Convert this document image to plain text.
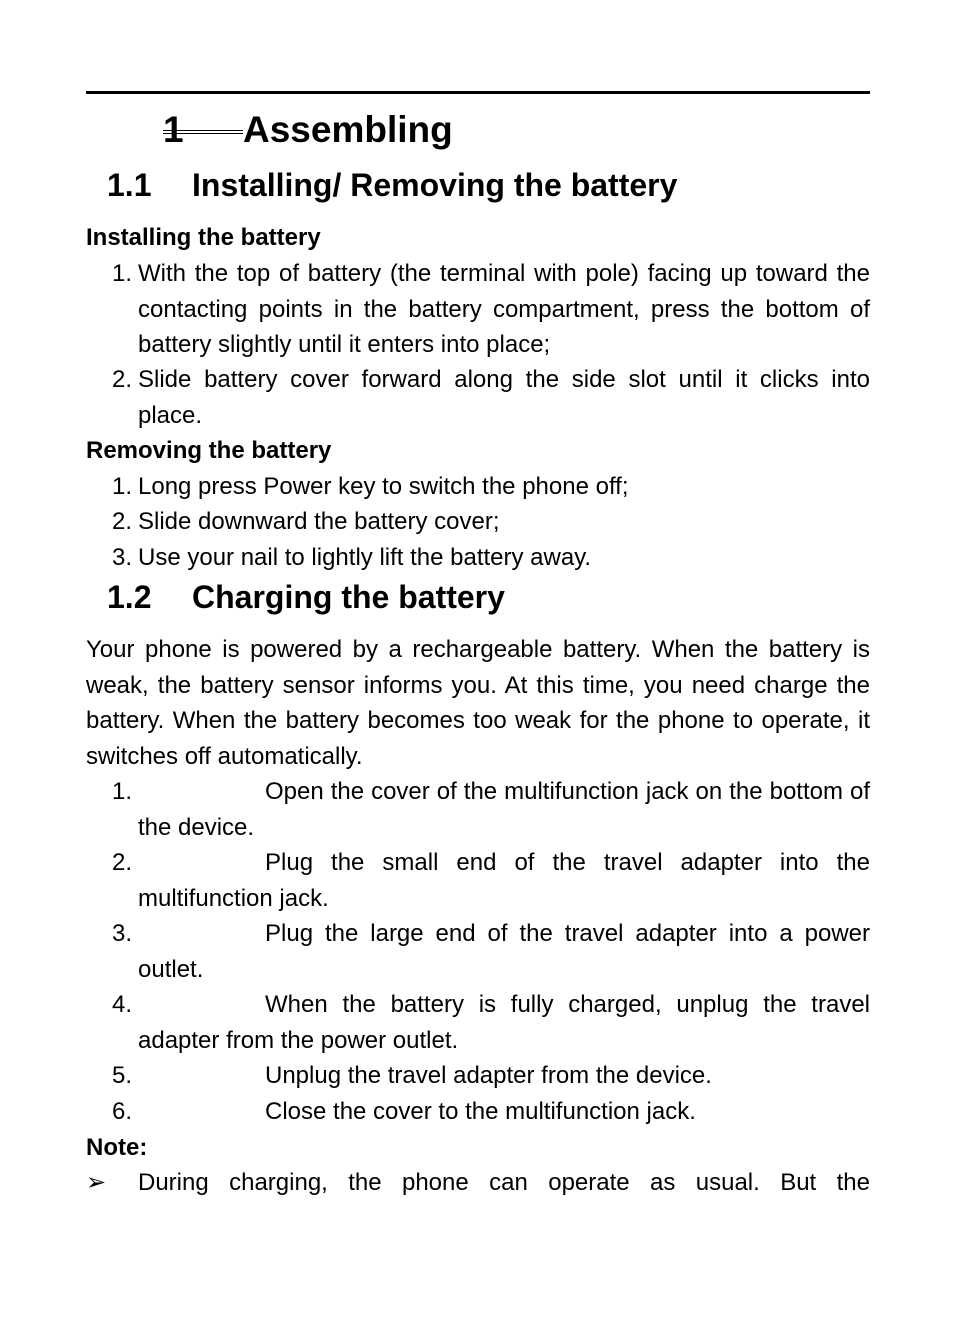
1 Assembling
1.1 Installing/ Removing the battery
Installing the battery
1. With the top of battery (the terminal with pole) facing up toward the contacting points in the battery compartment, press the bottom of battery slightly until it enters into place;
2. Slide battery cover forward along the side slot until it clicks into place.
Removing the battery
1. Long press Power key to switch the phone off;
2. Slide downward the battery cover;
3. Use your nail to lightly lift the battery away.
1.2 Charging the battery
Your phone is powered by a rechargeable battery. When the battery is weak, the battery sensor informs you. At this time, you need charge the battery. When the battery becomes too weak for the phone to operate, it switches off automatically.
1.	Open the cover of the multifunction jack on the bottom of the device.
2.	Plug the small end of the travel adapter into the multifunction jack.
3.	Plug the large end of the travel adapter into a power outlet.
4.	When the battery is fully charged, unplug the travel adapter from the power outlet.
5.	Unplug the travel adapter from the device.
6.	Close the cover to the multifunction jack.
Note:
➢ During charging, the phone can operate as usual. But the
